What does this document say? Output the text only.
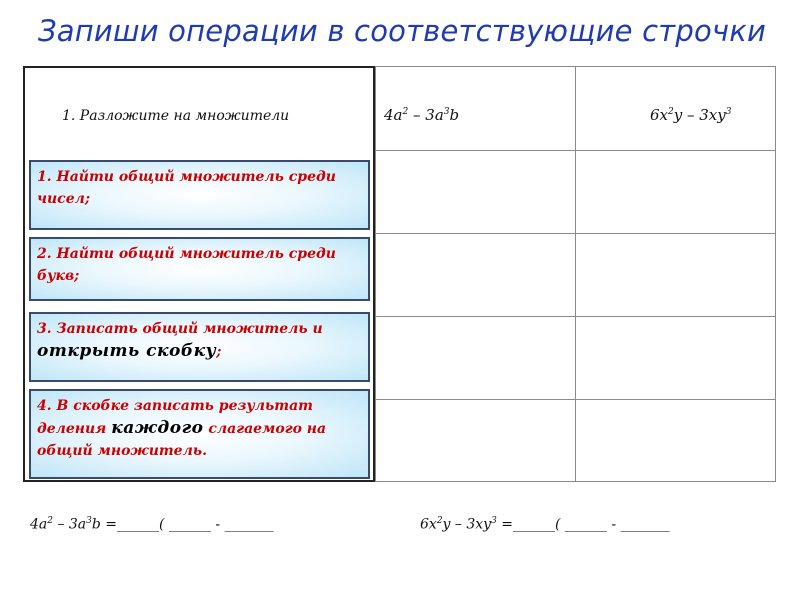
Запиши операции в соответствующие строчки
1. Разложите на множители	$4a^2 - 3a^3b$	$6x^2y - 3xy^3$
1. Найти общий множитель среди чисел;
2. Найти общий множитель среди букв;
3. Записать общий множитель и открыть скобку;
4. В скобке записать результат деления каждого слагаемого на общий множитель.
$4a^2 - 3a^3b$ =______( ______ - _______	$6x^2y - 3xy^3$ =______( ______ - _______
